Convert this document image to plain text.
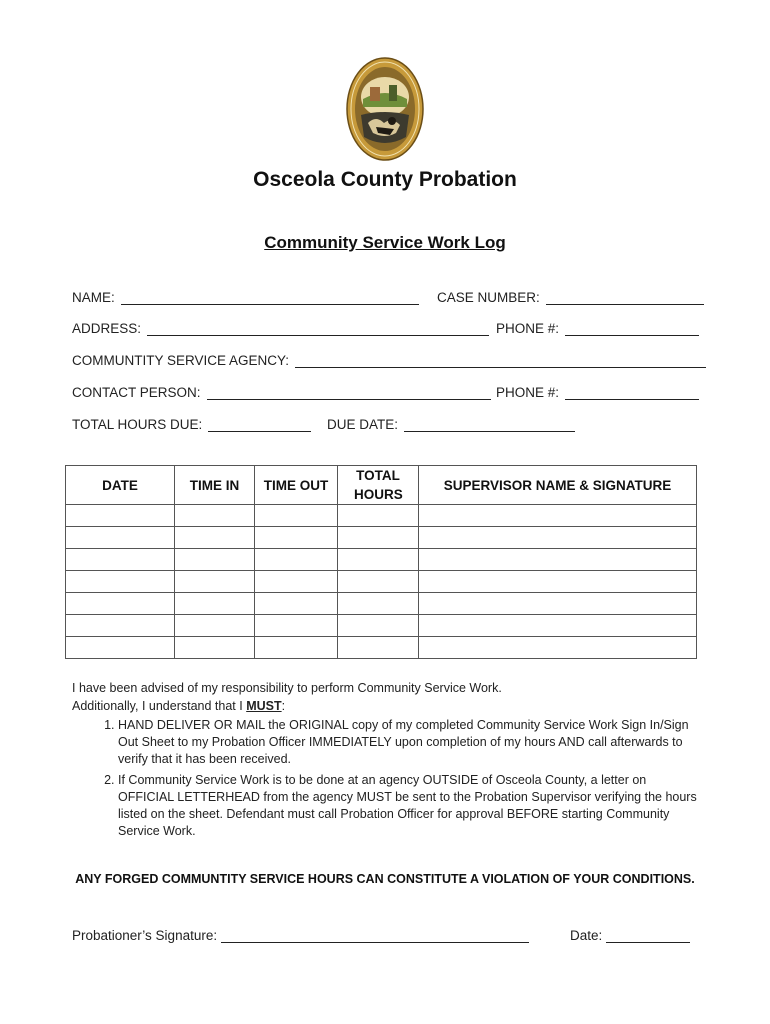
Osceola County Probation
Community Service Work Log
NAME:	CASE NUMBER:
ADDRESS:	PHONE #:
COMMUNTITY SERVICE AGENCY:
CONTACT PERSON:	PHONE #:
TOTAL HOURS DUE:	DUE DATE:
DATE	TIME IN	TIME OUT	TOTAL HOURS	SUPERVISOR NAME & SIGNATURE

I have been advised of my responsibility to perform Community Service Work.

Additionally, I understand that I MUST:

1. HAND DELIVER OR MAIL the ORIGINAL copy of my completed Community Service Work Sign In/Sign Out Sheet to my Probation Officer IMMEDIATELY upon completion of my hours AND call afterwards to verify that it has been received.
2. If Community Service Work is to be done at an agency OUTSIDE of Osceola County, a letter on OFFICIAL LETTERHEAD from the agency MUST be sent to the Probation Supervisor verifying the hours listed on the sheet. Defendant must call Probation Officer for approval BEFORE starting Community Service Work.
ANY FORGED COMMUNTITY SERVICE HOURS CAN CONSTITUTE A VIOLATION OF YOUR CONDITIONS.
Probationer’s Signature:	Date:
